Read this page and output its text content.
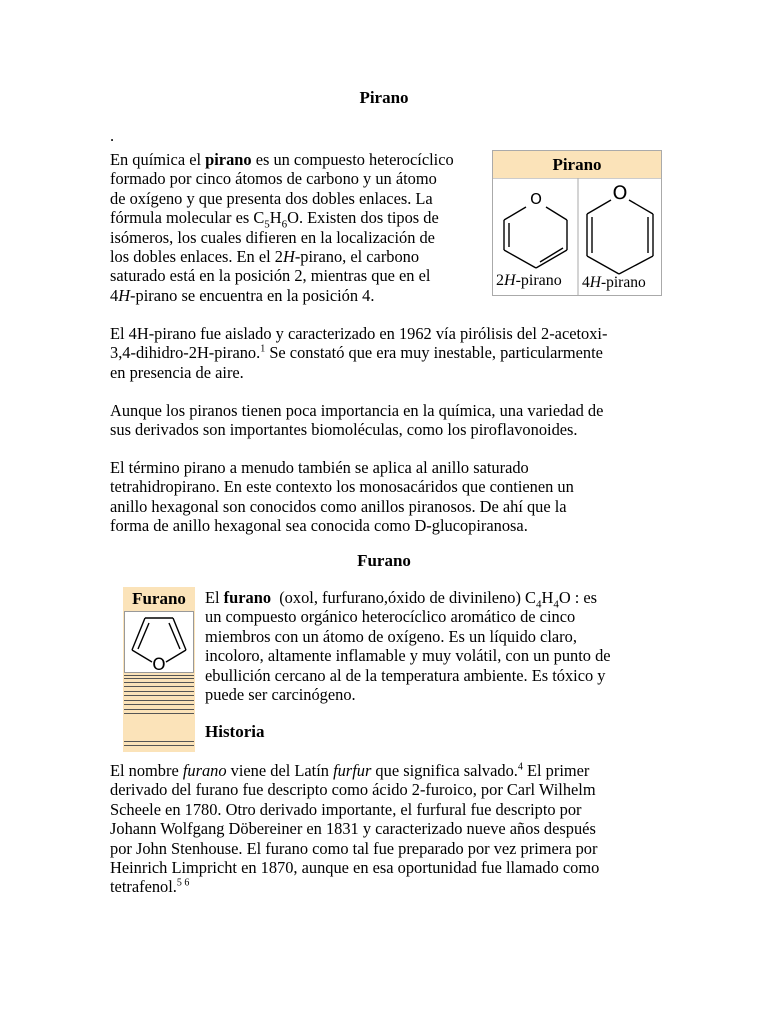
Pirano
.
En química el pirano es un compuesto heterocíclico
formado por cinco átomos de carbono y un átomo
de oxígeno y que presenta dos dobles enlaces. La
fórmula molecular es $C_5H_6O$. Existen dos tipos de
isómeros, los cuales difieren en la localización de
los dobles enlaces. En el 2H-pirano, el carbono
saturado está en la posición 2, mientras que en el
4H-pirano se encuentra en la posición 4.
Pirano
O	O
2H-pirano 4H-pirano
El 4H-pirano fue aislado y caracterizado en 1962 vía pirólisis del 2-acetoxi-
3,4-dihidro-2H-pirano.$^1$ Se constató que era muy inestable, particularmente
en presencia de aire.
Aunque los piranos tienen poca importancia en la química, una variedad de
sus derivados son importantes biomoléculas, como los piroflavonoides.
El término pirano a menudo también se aplica al anillo saturado
tetrahidropirano. En este contexto los monosacáridos que contienen un
anillo hexagonal son conocidos como anillos piranosos. De ahí que la
forma de anillo hexagonal sea conocida como D-glucopiranosa.
Furano
Furano
O
El furano  (oxol, furfurano,óxido de divinileno) $C_4H_4O$ : es
un compuesto orgánico heterocíclico aromático de cinco
miembros con un átomo de oxígeno. Es un líquido claro,
incoloro, altamente inflamable y muy volátil, con un punto de
ebullición cercano al de la temperatura ambiente. Es tóxico y
puede ser carcinógeno.
Historia
El nombre furano viene del Latín furfur que significa salvado.$^4$ El primer
derivado del furano fue descripto como ácido 2-furoico, por Carl Wilhelm
Scheele en 1780. Otro derivado importante, el furfural fue descripto por
Johann Wolfgang Döbereiner en 1831 y caracterizado nueve años después
por John Stenhouse. El furano como tal fue preparado por vez primera por
Heinrich Limpricht en 1870, aunque en esa oportunidad fue llamado como
tetrafenol.$^{5 6}$
